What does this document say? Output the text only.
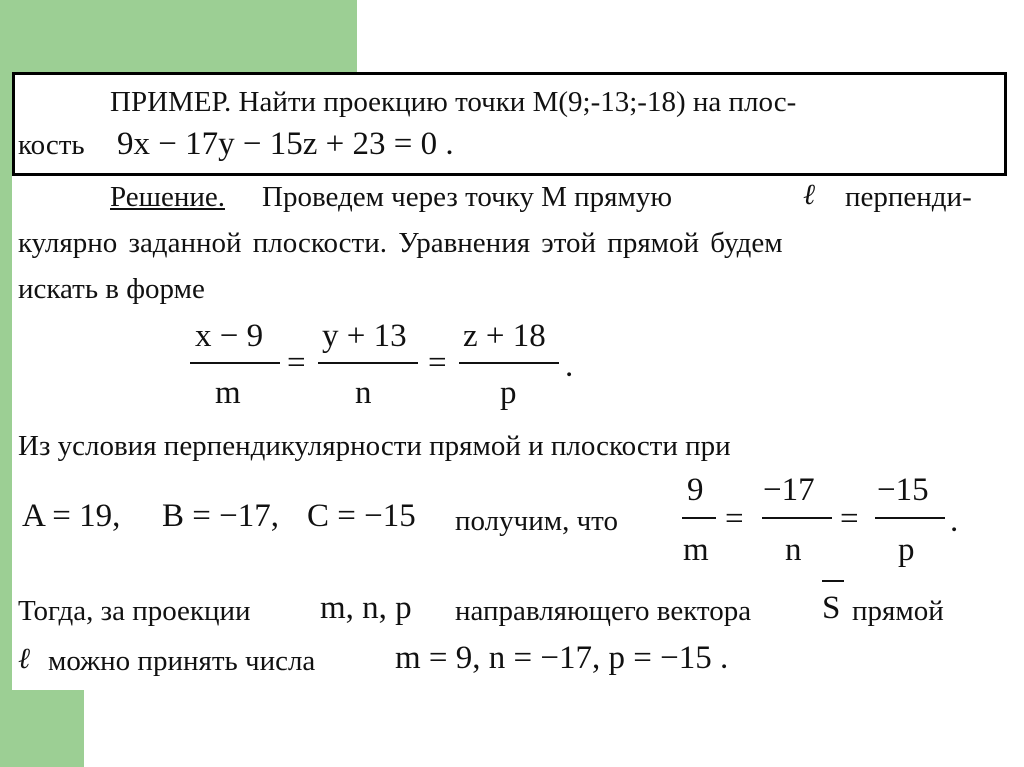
ПРИМЕР. Найти проекцию точки М(9;-13;-18) на плос-
кость 9x − 17y − 15z + 23 = 0 .
Решение. Проведем через точку М прямую	ℓ перпенди-
кулярно заданной плоскости. Уравнения этой прямой будем
искать в форме
x − 9
m
=
y + 13
n
=
z + 18
p
.
Из условия перпендикулярности прямой и плоскости при
A = 19, B = −17, C = −15 получим, что
9
m
=
−17
n
=
−15
p
.
Тогда, за проекции m, n, p направляющего вектора S прямой
ℓ можно принять числа m = 9, n = −17, p = −15 .
